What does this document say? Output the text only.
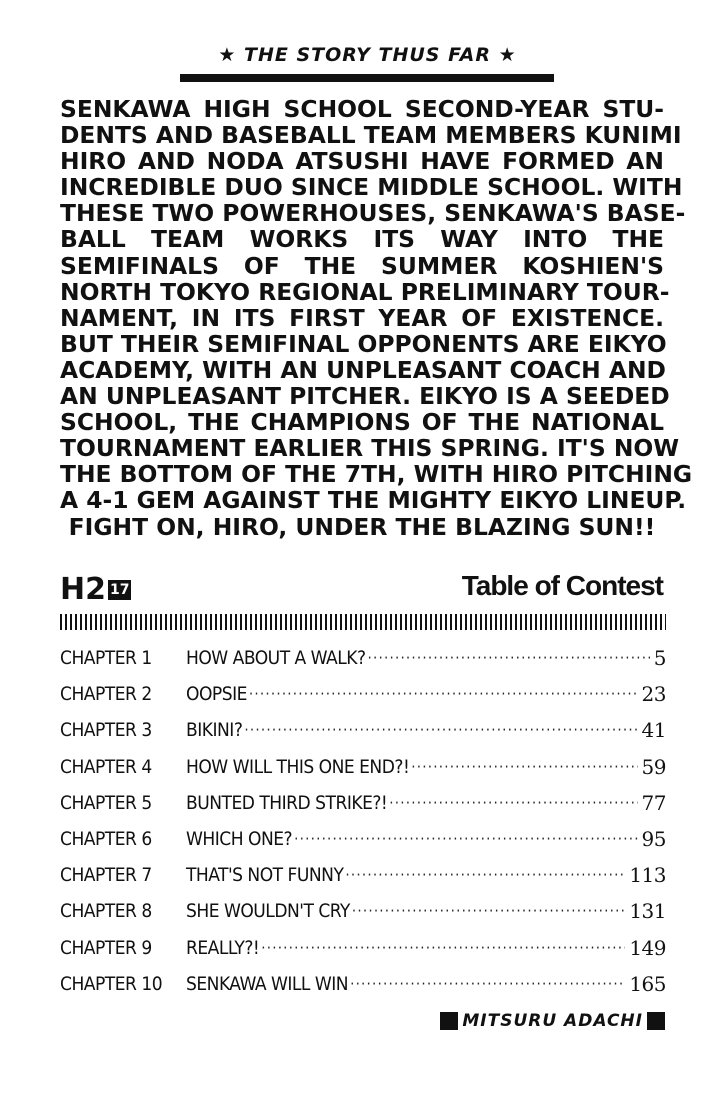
★ THE STORY THUS FAR ★
SENKAWA HIGH SCHOOL SECOND-YEAR STU-
DENTS AND BASEBALL TEAM MEMBERS KUNIMI
HIRO AND NODA ATSUSHI HAVE FORMED AN
INCREDIBLE DUO SINCE MIDDLE SCHOOL. WITH
THESE TWO POWERHOUSES, SENKAWA'S BASE-
BALL TEAM WORKS ITS WAY INTO THE
SEMIFINALS OF THE SUMMER KOSHIEN'S
NORTH TOKYO REGIONAL PRELIMINARY TOUR-
NAMENT, IN ITS FIRST YEAR OF EXISTENCE.
BUT THEIR SEMIFINAL OPPONENTS ARE EIKYO
ACADEMY, WITH AN UNPLEASANT COACH AND
AN UNPLEASANT PITCHER. EIKYO IS A SEEDED
SCHOOL, THE CHAMPIONS OF THE NATIONAL
TOURNAMENT EARLIER THIS SPRING. IT'S NOW
THE BOTTOM OF THE 7TH, WITH HIRO PITCHING
A 4-1 GEM AGAINST THE MIGHTY EIKYO LINEUP.
FIGHT ON, HIRO, UNDER THE BLAZING SUN!!
H2 17	Table of Contest
CHAPTER 1	HOW ABOUT A WALK? ·····	5
CHAPTER 2	OOPSIE ·····	23
CHAPTER 3	BIKINI? ·····	41
CHAPTER 4	HOW WILL THIS ONE END?! ·····	59
CHAPTER 5	BUNTED THIRD STRIKE?! ·····	77
CHAPTER 6	WHICH ONE? ·····	95
CHAPTER 7	THAT'S NOT FUNNY ·····	113
CHAPTER 8	SHE WOULDN'T CRY ·····	131
CHAPTER 9	REALLY?! ·····	149
CHAPTER 10	SENKAWA WILL WIN ·····	165
MITSURU ADACHI
